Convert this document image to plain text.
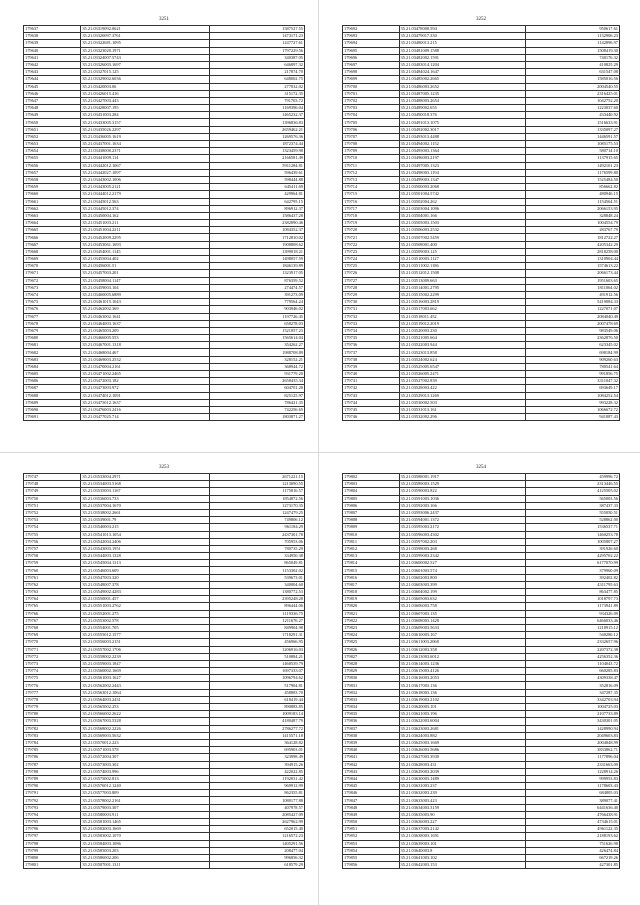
3251
179637	35.21.03319092.0621	1587527.55
179638	35.21.03320097.3761	1473171.23
179639	35.21.03322681.1095	1247727.61
179640	35.21.03323020.1971	1797229.56
179641	35.21.03324007.5743	340387.05
179642	35.21.03326003.1697	646897.32
179643	35.21.03327015.125	217874.70
179644	35.21.03329002.6036	648002.75
179645	35.21.03420003.06	277032.02
179646	35.21.03426015.416	315172.35
179647	35.21.03427003.443	791703.72
179648	35.21.03428007.195	1169396.04
179649	35.21.03431003.284	1465232.37
179650	35.21.03433005.3157	1396836.83
179651	35.21.03435026.2297	2659462.21
179652	35.21.03436005.1619	1269576.36
179653	35.21.03437001.1634	1872374.44
179654	35.21.03438000.2371	1323459.98
179655	35.21.03441009.114	2166581.49
179656	35.21.03442012.1067	5911284.81
179657	35.21.03442027.1097	596439.61
179658	35.21.03443002.1006	598444.88
179659	35.21.03443005.2121	645411.69
179660	35.21.03444012.2179	429964.81
179661	35.21.03445012.563	642795.15
179662	35.21.03445012.374	896912.37
179663	35.21.03450004.162	1586437.28
179664	35.21.03451003.211	2382890.46
179665	35.21.03451004.2211	1084352.37
179666	35.21.03452009.2295	1712810.02
179667	35.21.03453061.1693	1908808.62
179668	35.21.03454001.1145	1399018.21
179669	35.21.03455004.402	1498057.59
179670	35.21.03456001.51	1846139.89
179671	35.21.03457003.201	1323917.05
179672	35.21.03458004.1147	876359.52
179673	35.21.03459003.104	274474.57
179674	35.21.03460005.6889	391273.09
179675	35.21.03461015.1043	779564.24
179676	35.21.03462002.369	903946.02
179677	35.21.03463002.1641	1197726.45
179678	35.21.03464003.1637	658278.03
179679	35.21.03465003.209	1521057.23
179680	35.21.03466005.553	1565614.04
179681	35.21.03467001.1318	354262.27
179682	35.21.03468004.467	1988708.89
179683	35.21.03469003.2532	328152.21
179684	35.21.03470004.2161	368944.72
179685	35.21.03471002.2465	931779.20
179686	35.21.03472003.182	2658435.34
179687	35.21.03473003.972	604701.28
179688	35.21.03474012.1091	825125.97
179689	35.21.03475012.1637	786421.35
179690	35.21.03476003.2416	742256.65
179691	35.21.03477025.714	1803871.27
3252
179692	35.21.03478000.594	950617.61
179693	35.21.03479017.330	1132906.23
179694	35.21.03480013.215	1142896.97
179695	35.21.03481009.1588	1508419.30
179696	35.21.03482002.1591	740176.32
179697	35.21.03483014.1204	410825.29
179698	35.21.03484024.1647	631547.08
179699	35.21.03485002.2665	1585016.56
179700	35.21.03486003.2652	2004540.55
179701	35.21.03487005.1235	2316425.01
179702	35.21.03488003.2654	1042752.20
179703	35.21.03489002.655	1223037.60
179704	35.21.03490018.376	433440.92
179705	35.21.03491013.1075	1516633.91
179706	35.21.03492002.3017	1335097.27
179707	35.21.03493013.4488	1446591.57
179708	35.21.03494002.1152	1085175.53
179709	35.21.03495003.1364	580714.10
179710	35.21.03496003.2197	1137915.65
179711	35.21.03497005.1323	1492101.23
179712	35.21.03498003.1194	1176599.80
179713	35.21.03499003.1347	1525484.50
179714	35.21.03500003.2068	856662.82
179715	35.21.03501004.5742	480946.15
179716	35.21.03502004.262	1154564.51
179717	35.21.03503004.1096	2066153.95
179718	35.21.03504001.166	328848.24
179719	35.21.03505003.1503	1004554.79
179720	35.21.03506003.2532	283767.79
179721	35.21.03507002.5459	1812722.27
179722	35.21.03508001.400	4205342.29
179723	35.21.03509003.125	2818258.00
179724	35.21.03510003.1127	1310904.44
179725	35.21.03511002.1186	1574613.22
179726	35.21.03512012.1508	2066173.44
179727	35.21.03513009.663	1951603.65
179728	35.21.03514001.2795	1811064.02
179729	35.21.03515002.2299	491912.56
179730	35.21.03516003.2819	5419084.33
179731	35.21.03517003.662	1227071.07
179732	35.21.03518011.452	2084040.49
179733	35.21.03519012.2019	2007478.69
179734	35.21.03520003.230	983549.06
179735	35.21.03521005.664	2362876.50
179736	35.21.03522003.944	623345.02
179737	35.21.03523013.858	698184.99
179738	35.21.03524002.624	909260.63
179739	35.21.03525005.6547	780541.64
179740	35.21.03526005.2471	991856.75
179741	35.21.03527002.839	3311047.32
179742	35.21.03528003.422	693649.17
179743	35.21.03529013.1269	1084252.54
179744	35.21.03530002.503	993228.32
179745	35.21.03531013.161	1066672.72
179746	35.21.03532002.296	941087.43
3253
179747	35.21.03533004.2971	2671221.15
179748	35.21.03534003.5168	1213090.55
179749	35.21.03535003.1167	1175816.57
179750	35.21.03536003.733	1854872.56
179751	35.21.03537004.1670	1273170.35
179752	35.21.03538002.2661	1247479.25
179753	35.21.03539001.79	749806.12
179754	35.21.03540003.215	961184.29
179755	35.21.03541013.1054	2437301.78
179756	35.21.03542004.2406	705953.06
179757	35.21.03543003.1951	780735.29
179758	35.21.03544003.1328	334950.38
179759	35.21.03545004.1313	865049.81
179760	35.21.03546003.609	1153302.02
179761	35.21.03547003.320	539673.01
179762	35.21.03548007.378	340004.60
179763	35.21.03549002.4283	1380772.53
179764	35.21.03550001.457	2395248.28
179765	35.21.03551003.2762	896444.06
179766	35.21.03552001.275	1119336.75
179767	35.21.03553002.578	1211676.27
179768	35.21.03554001.705	849904.98
179769	35.21.03555012.1577	1718291.31
179770	35.21.03556003.2151	456966.95
179771	35.21.03557002.1706	1206916.03
179772	35.21.03558002.2239	510884.21
179773	35.21.03559003.1847	1468539.79
179774	35.21.03560002.1669	1697333.07
179775	35.21.03561003.1627	1096794.62
179776	35.21.03562002.2443	517904.81
179777	35.21.03563012.1064	458883.70
179778	35.21.03564003.2431	618419.44
179779	35.21.03565002.253	890883.85
179780	35.21.03566002.2622	1009183.14
179781	35.21.03567003.5328	4180487.79
179782	35.21.03568002.2226	2786277.72
179783	35.21.03569003.5632	1415571.18
179784	35.21.03570012.223	364128.82
179785	35.21.03571003.578	695903.01
179786	35.21.03572004.307	323998.49
179787	35.21.03573003.302	394915.26
179788	35.21.03574003.996	422022.85
179789	35.21.03575002.813	1192031.42
179790	35.21.03576012.1240	969912.99
179791	35.21.03577003.809	862355.81
179792	35.21.03578002.2161	1080177.88
179793	35.21.03579003.307	407978.57
179794	35.21.03580003.911	2085427.09
179795	35.21.03581003.1465	2627962.99
179796	35.21.03582003.1669	652015.40
179797	35.21.03583002.1070	1216572.23
179798	35.21.03584003.1086	1405291.56
179799	35.21.03585003.203	208477.04
179800	35.21.03586002.206	996856.32
179801	35.21.03587001.1311	618579.29
3254
179802	35.21.03588001.1917	459996.72
179803	35.21.03589003.1529	2313446.55
179804	35.21.03590003.822	4125505.02
179805	35.21.03591003.1036	565003.56
179806	35.21.03592003.166	387437.33
179807	35.21.03593006.2437	555050.51
179808	35.21.03594001.1372	528862.00
179809	35.21.03595003.2172	1536537.71
179810	35.21.03596003.4302	1460253.78
179811	35.21.03597002.203	1005807.27
179812	35.21.03598003.268	391926.60
179813	35.21.03599003.2342	4295702.22
179814	35.21.03600002.527	6177070.99
179815	35.21.03601003.574	379960.09
179816	35.21.03602003.800	392402.82
179817	35.21.03603003.399	4311795.63
179818	35.21.03604002.199	863477.85
179819	35.21.03605003.632	1018797.73
179820	35.21.03606003.758	1173941.89
179821	35.21.03607003.135	934326.09
179822	35.21.03608003.1428	6466033.46
179823	35.21.03609003.5633	1218915.12
179824	35.21.03610003.167	540286.12
179825	35.21.03611003.2068	2332657.96
179826	35.21.03612003.358	2207372.38
179827	35.21.03613003.6012	4256352.36
179828	35.21.03614003.1236	1104043.72
179829	35.21.03615003.4126	660285.83
179830	35.21.03616003.2053	4309338.47
179831	35.21.03617003.136	352816.09
179832	35.21.03618003.136	347287.35
179833	35.21.03619003.2102	3342703.94
179834	35.21.03620003.101	1004725.03
179835	35.21.03621003.196	2107733.89
179836	35.21.03622003.6004	3430301.05
179837	35.21.03623003.2681	1428990.94
179838	35.21.03624003.882	2049603.83
179839	35.21.03625003.1669	2004848.99
179840	35.21.03626003.5686	3833862.71
179841	35.21.03627003.3930	1177896.04
179842	35.21.03628003.431	2331663.09
179843	35.21.03629003.2039	1228914.26
179844	35.21.03630003.1489	999953.83
179845	35.21.03631003.237	1178603.43
179846	35.21.03632003.239	684805.03
179847	35.21.03633003.423	389077.41
179848	35.21.03634003.3159	6441636.40
179849	35.21.03635003.90	4766438.91
179850	35.21.03636003.227	4734615.01
179851	35.21.03637003.2142	4961122.35
179852	35.21.03638003.1691	2188193.62
179853	35.21.03639003.101	751626.98
179854	35.21.03640003.8	426474.84
179855	35.21.03641003.102	667219.26
179856	35.21.03642003.153	427301.85
